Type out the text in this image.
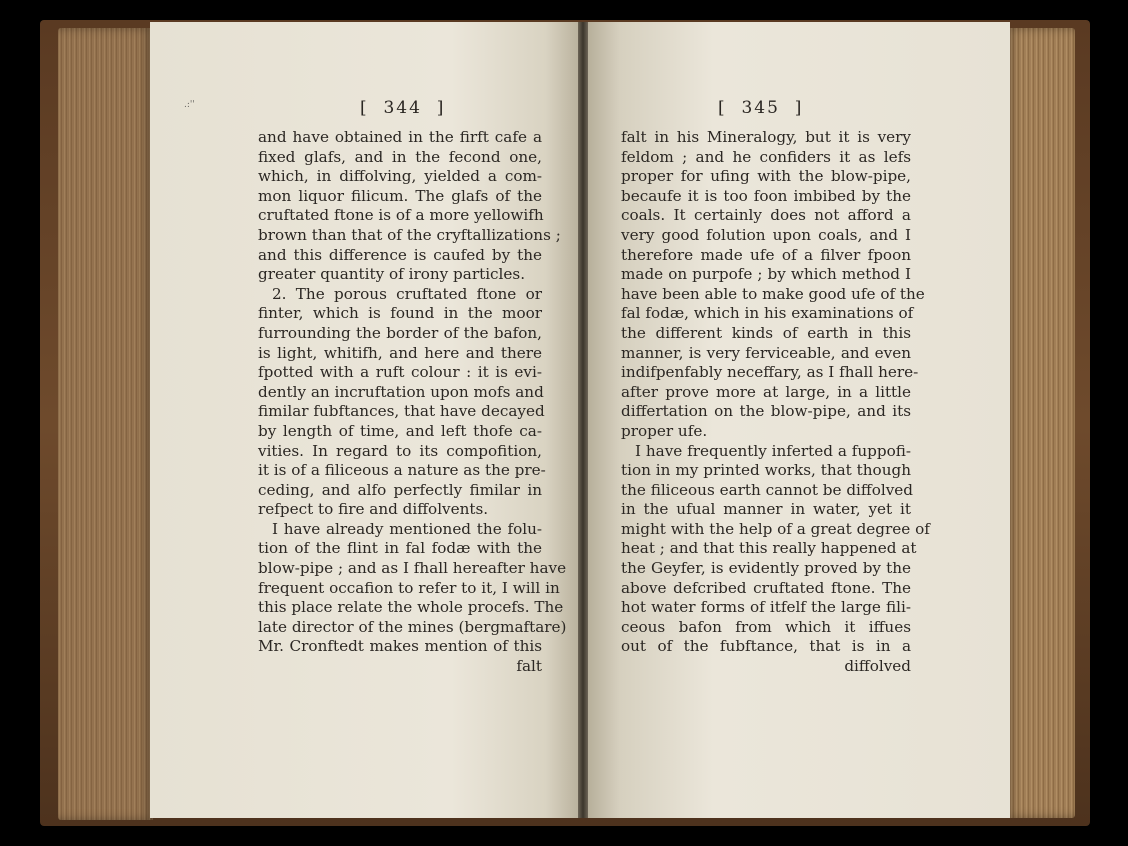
.:''	[  344  ]	[  345  ]
and have obtained in the firft cafe a
fixed glafs, and in the fecond one,
which, in diffolving, yielded a com-
mon liquor filicum. The glafs of the
cruftated ftone is of a more yellowifh
brown than that of the cryftallizations ;
and this difference is caufed by the
greater quantity of irony particles.
2. The porous cruftated ftone or
finter, which is found in the moor
furrounding the border of the bafon,
is light, whitifh, and here and there
fpotted with a ruft colour : it is evi-
dently an incruftation upon mofs and
fimilar fubftances, that have decayed
by length of time, and left thofe ca-
vities. In regard to its compofition,
it is of a filiceous a nature as the pre-
ceding, and alfo perfectly fimilar in
refpect to fire and diffolvents.
I have already mentioned the folu-
tion of the flint in fal fodæ with the
blow-pipe ; and as I fhall hereafter have
frequent occafion to refer to it, I will in
this place relate the whole procefs. The
late director of the mines (bergmaftare)
Mr. Cronftedt makes mention of this
falt
falt in his Mineralogy, but it is very
feldom ; and he confiders it as lefs
proper for ufing with the blow-pipe,
becaufe it is too foon imbibed by the
coals. It certainly does not afford a
very good folution upon coals, and I
therefore made ufe of a filver fpoon
made on purpofe ; by which method I
have been able to make good ufe of the
fal fodæ, which in his examinations of
the different kinds of earth in this
manner, is very ferviceable, and even
indifpenfably neceffary, as I fhall here-
after prove more at large, in a little
differtation on the blow-pipe, and its
proper ufe.
I have frequently inferted a fuppofi-
tion in my printed works, that though
the filiceous earth cannot be diffolved
in the ufual manner in water, yet it
might with the help of a great degree of
heat ; and that this really happened at
the Geyfer, is evidently proved by the
above defcribed cruftated ftone. The
hot water forms of itfelf the large fili-
ceous bafon from which it iffues
out of the fubftance, that is in a
diffolved
